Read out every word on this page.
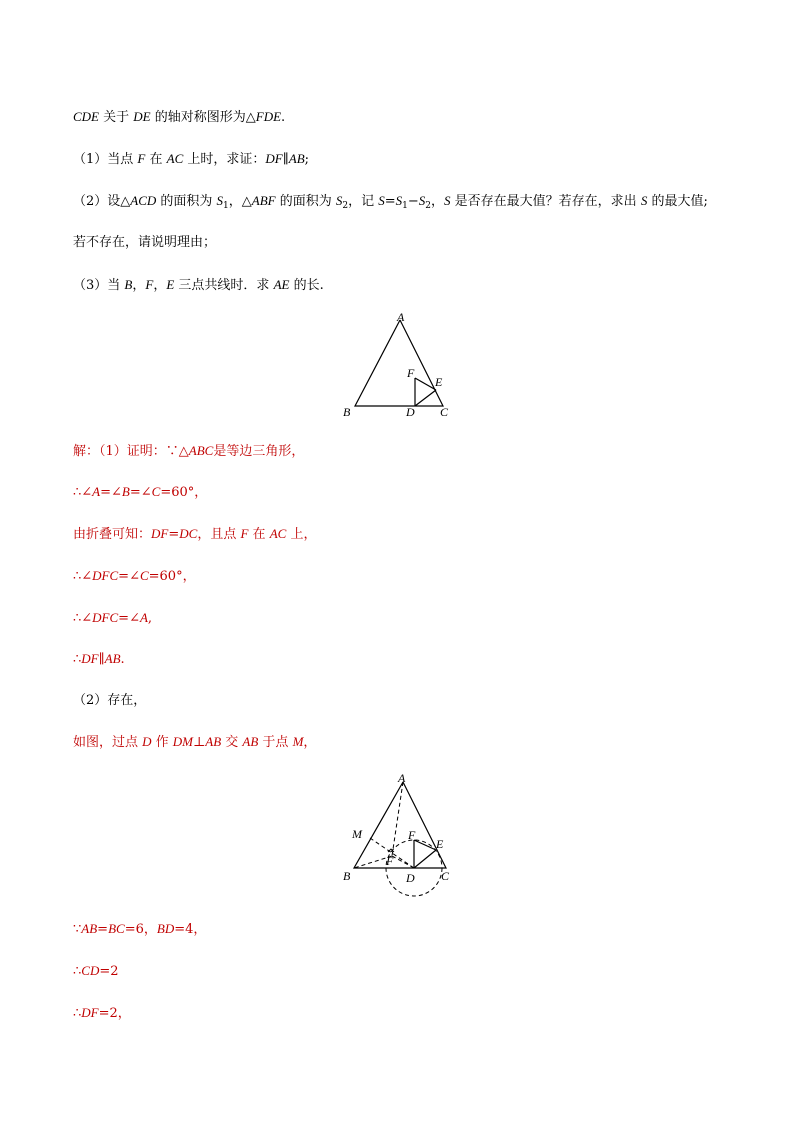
CDE 关于 DE 的轴对称图形为△FDE.
（1）当点 F 在 AC 上时，求证：DF∥AB;
（2）设△ACD 的面积为 $S_1$，△ABF 的面积为 $S_2$，记 $S=S_1-S_2$，S 是否存在最大值？若存在，求出 S 的最大值;
若不存在，请说明理由；
（3）当 B，F，E 三点共线时．求 AE 的长.
A
B	C
D
E
F
解：（1）证明：∵△ABC是等边三角形，
∴∠A=∠B=∠C=60°，
由折叠可知：DF=DC，且点 F 在 AC 上，
∴∠DFC=∠C=60°，
∴∠DFC=∠A,
∴DF∥AB.
（2）存在，
如图，过点 D 作 DM⊥AB 交 AB 于点 M，
A
B	C
D
E
F
M
F
∵AB=BC=6，BD=4，
∴CD=2
∴DF=2，
